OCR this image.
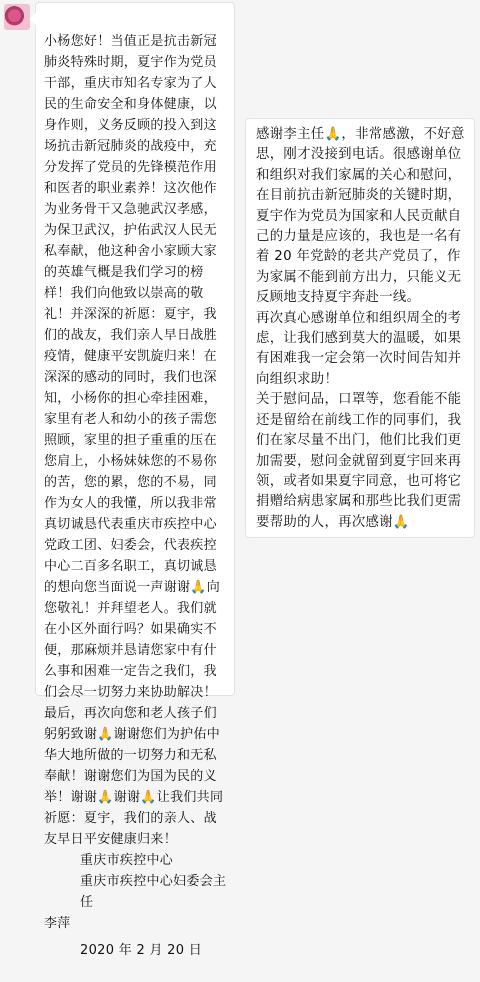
小杨您好！当值正是抗击新冠肺炎特殊时期，夏宇作为党员干部，重庆市知名专家为了人民的生命安全和身体健康，以身作则，义务反顾的投入到这场抗击新冠肺炎的战疫中，充分发挥了党员的先锋模范作用和医者的职业素养！这次他作为业务骨干又急驰武汉孝感，为保卫武汉，护佑武汉人民无私奉献，他这种舍小家顾大家的英雄气概是我们学习的榜样！我们向他致以崇高的敬礼！并深深的祈愿：夏宇，我们的战友，我们亲人早日战胜疫情，健康平安凯旋归来！在深深的感动的同时，我们也深知，小杨你的担心牵挂困难，家里有老人和幼小的孩子需您照顾，家里的担子重重的压在您肩上，小杨妹妹您的不易你的苦，您的累，您的不易，同作为女人的我懂，所以我非常真切诚恳代表重庆市疾控中心党政工团、妇委会，代表疾控中心二百多名职工，真切诚恳的想向您当面说一声谢谢🙏向您敬礼！并拜望老人。我们就在小区外面行吗？如果确实不便，那麻烦并恳请您家中有什么事和困难一定告之我们，我们会尽一切努力来协助解决！最后，再次向您和老人孩子们躬躬致谢🙏谢谢您们为护佑中华大地所做的一切努力和无私奉献！谢谢您们为国为民的义举！谢谢🙏谢谢🙏让我们共同祈愿：夏宇，我们的亲人、战友早日平安健康归来！

重庆市疾控中心
重庆市疾控中心妇委会主任
李萍
2020 年 2 月 20 日

感谢李主任🙏，非常感激，不好意思，刚才没接到电话。很感谢单位和组织对我们家属的关心和慰问，在目前抗击新冠肺炎的关键时期，夏宇作为党员为国家和人民贡献自己的力量是应该的，我也是一名有着 20 年党龄的老共产党员了，作为家属不能到前方出力，只能义无反顾地支持夏宇奔赴一线。
再次真心感谢单位和组织周全的考虑，让我们感到莫大的温暖，如果有困难我一定会第一次时间告知并向组织求助！
关于慰问品，口罩等，您看能不能还是留给在前线工作的同事们，我们在家尽量不出门，他们比我们更加需要，慰问金就留到夏宇回来再领，或者如果夏宇同意，也可将它捐赠给病患家属和那些比我们更需要帮助的人，再次感谢🙏
